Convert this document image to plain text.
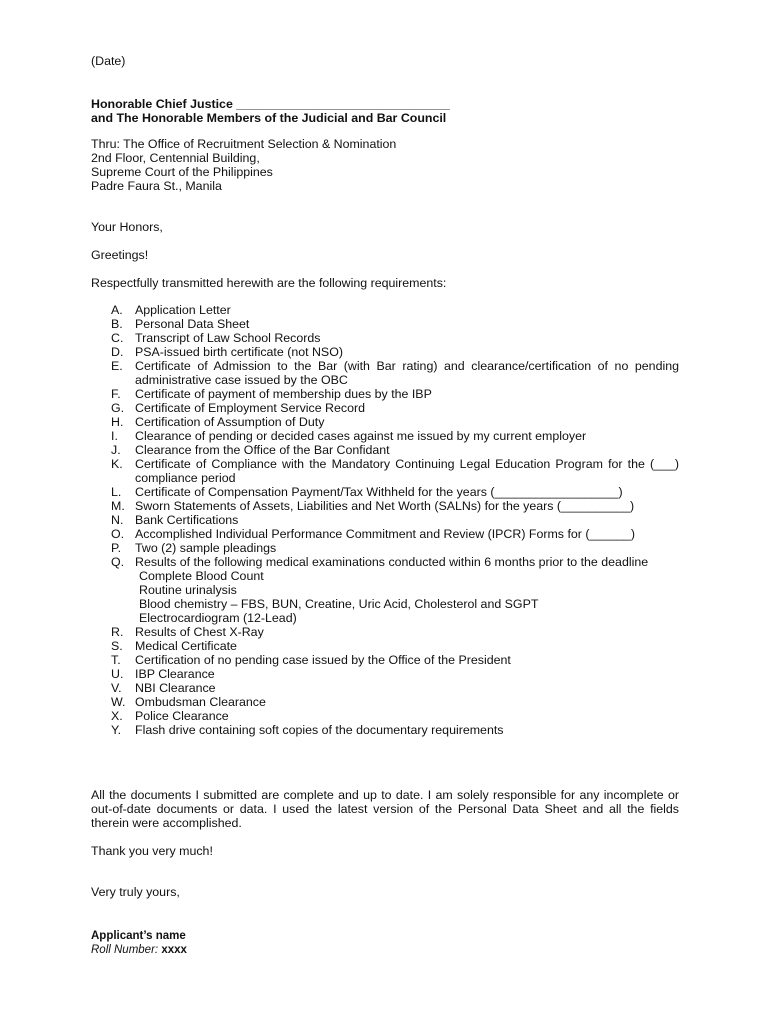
(Date)

Honorable Chief Justice _______________________________

and The Honorable Members of the Judicial and Bar Council

Thru: The Office of Recruitment Selection & Nomination

2nd Floor, Centennial Building,

Supreme Court of the Philippines

Padre Faura St., Manila

Your Honors,

Greetings!

Respectfully transmitted herewith are the following requirements:

A. Application Letter
B. Personal Data Sheet
C. Transcript of Law School Records
D. PSA-issued birth certificate (not NSO)
E. Certificate of Admission to the Bar (with Bar rating) and clearance/certification of no pending administrative case issued by the OBC
F. Certificate of payment of membership dues by the IBP
G. Certificate of Employment Service Record
H. Certification of Assumption of Duty
I. Clearance of pending or decided cases against me issued by my current employer
J. Clearance from the Office of the Bar Confidant
K. Certificate of Compliance with the Mandatory Continuing Legal Education Program for the (___) compliance period
L. Certificate of Compensation Payment/Tax Withheld for the years (__________________)
M. Sworn Statements of Assets, Liabilities and Net Worth (SALNs) for the years (__________)
N. Bank Certifications
O. Accomplished Individual Performance Commitment and Review (IPCR) Forms for (______)
P. Two (2) sample pleadings
Q. Results of the following medical examinations conducted within 6 months prior to the deadline
Complete Blood Count
Routine urinalysis
Blood chemistry – FBS, BUN, Creatine, Uric Acid, Cholesterol and SGPT
Electrocardiogram (12-Lead)
R. Results of Chest X-Ray
S. Medical Certificate
T. Certification of no pending case issued by the Office of the President
U. IBP Clearance
V. NBI Clearance
W. Ombudsman Clearance
X. Police Clearance
Y. Flash drive containing soft copies of the documentary requirements

All the documents I submitted are complete and up to date. I am solely responsible for any incomplete or out-of-date documents or data. I used the latest version of the Personal Data Sheet and all the fields therein were accomplished.

Thank you very much!

Very truly yours,

Applicant’s name

Roll Number: xxxx
